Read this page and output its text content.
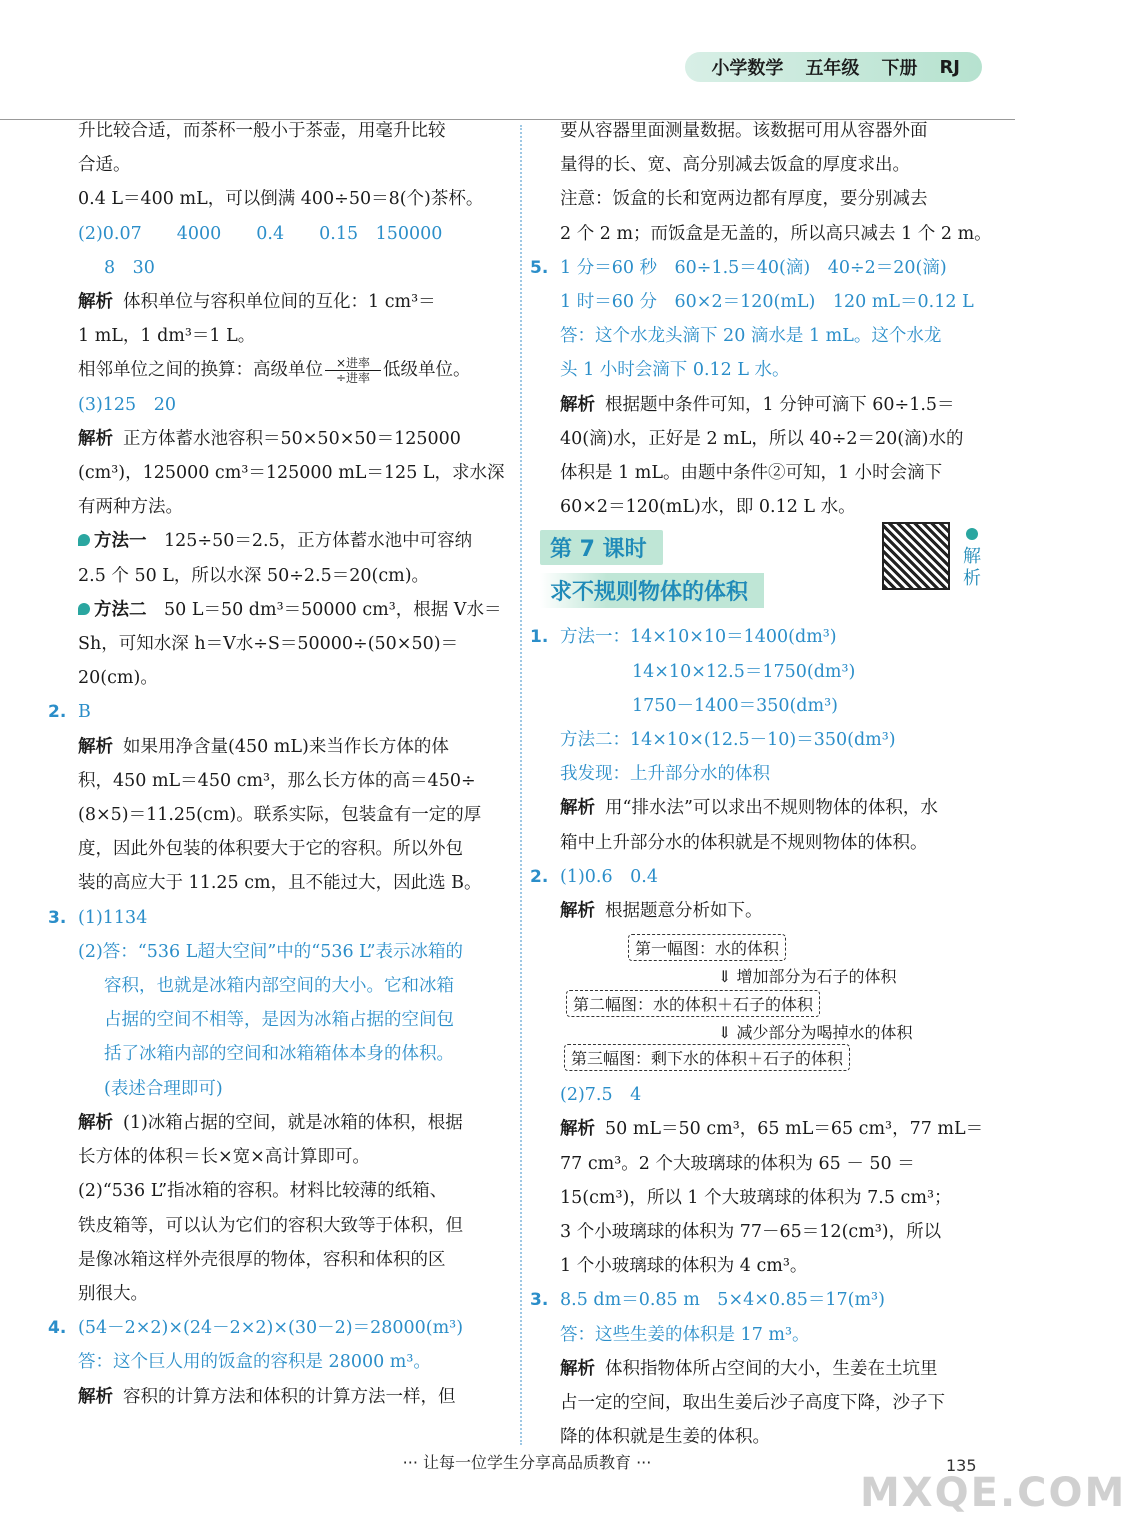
小学数学 五年级 下册 RJ
升比较合适，而茶杯一般小于茶壶，用毫升比较
合适。
0.4 L＝400 mL，可以倒满 400÷50＝8(个)茶杯。
(2)0.07　　4000　　0.4　　0.15　150000
8　30
解析 体积单位与容积单位间的互化：1 cm³＝
1 mL，1 dm³＝1 L。
相邻单位之间的换算：高级单位 $\frac{\text{×进率}}{\text{÷进率}}$ 低级单位。
(3)125　20
解析 正方体蓄水池容积＝50×50×50＝125000
(cm³)，125000 cm³＝125000 mL＝125 L，求水深
有两种方法。
方法一　 125÷50＝2.5，正方体蓄水池中可容纳
2.5 个 50 L，所以水深 50÷2.5＝20(cm)。
方法二　 50 L＝50 dm³＝50000 cm³，根据 V水＝
Sh，可知水深 h＝V水÷S＝50000÷(50×50)＝
20(cm)。
2. B
解析 如果用净含量(450 mL)来当作长方体的体
积，450 mL＝450 cm³，那么长方体的高＝450÷
(8×5)＝11.25(cm)。联系实际，包装盒有一定的厚
度，因此外包装的体积要大于它的容积。所以外包
装的高应大于 11.25 cm，且不能过大，因此选 B。
3. (1)1134
(2)答：“536 L超大空间”中的“536 L”表示冰箱的
容积，也就是冰箱内部空间的大小。它和冰箱
占据的空间不相等，是因为冰箱占据的空间包
括了冰箱内部的空间和冰箱箱体本身的体积。
(表述合理即可)
解析 (1)冰箱占据的空间，就是冰箱的体积，根据
长方体的体积＝长×宽×高计算即可。
(2)“536 L”指冰箱的容积。材料比较薄的纸箱、
铁皮箱等，可以认为它们的容积大致等于体积，但
是像冰箱这样外壳很厚的物体，容积和体积的区
别很大。
4. (54－2×2)×(24－2×2)×(30－2)＝28000(m³)
答：这个巨人用的饭盒的容积是 28000 m³。
解析 容积的计算方法和体积的计算方法一样，但
要从容器里面测量数据。该数据可用从容器外面
量得的长、宽、高分别减去饭盒的厚度求出。
注意：饭盒的长和宽两边都有厚度，要分别减去
2 个 2 m；而饭盒是无盖的，所以高只减去 1 个 2 m。
5. 1 分＝60 秒　60÷1.5＝40(滴)　40÷2＝20(滴)
1 时＝60 分　60×2＝120(mL)　120 mL＝0.12 L
答：这个水龙头滴下 20 滴水是 1 mL。这个水龙
头 1 小时会滴下 0.12 L 水。
解析 根据题中条件可知，1 分钟可滴下 60÷1.5＝
40(滴)水，正好是 2 mL，所以 40÷2＝20(滴)水的
体积是 1 mL。由题中条件②可知，1 小时会滴下
60×2＝120(mL)水，即 0.12 L 水。
第 7 课时
求不规则物体的体积
解析
1. 方法一：14×10×10＝1400(dm³)
14×10×12.5＝1750(dm³)
1750－1400＝350(dm³)
方法二：14×10×(12.5－10)＝350(dm³)
我发现：上升部分水的体积
解析 用“排水法”可以求出不规则物体的体积，水
箱中上升部分水的体积就是不规则物体的体积。
2. (1)0.6　0.4
解析 根据题意分析如下。
第一幅图：水的体积
⇓ 增加部分为石子的体积
第二幅图：水的体积＋石子的体积
⇓ 减少部分为喝掉水的体积
第三幅图：剩下水的体积＋石子的体积
(2)7.5　4
解析 50 mL＝50 cm³，65 mL＝65 cm³，77 mL＝
77 cm³。2 个大玻璃球的体积为 65 － 50 ＝
15(cm³)，所以 1 个大玻璃球的体积为 7.5 cm³；
3 个小玻璃球的体积为 77－65＝12(cm³)，所以
1 个小玻璃球的体积为 4 cm³。
3. 8.5 dm＝0.85 m　5×4×0.85＝17(m³)
答：这些生姜的体积是 17 m³。
解析 体积指物体所占空间的大小，生姜在土坑里
占一定的空间，取出生姜后沙子高度下降，沙子下
降的体积就是生姜的体积。
··· 让每一位学生分享高品质教育 ···	135
MXQE.COM
